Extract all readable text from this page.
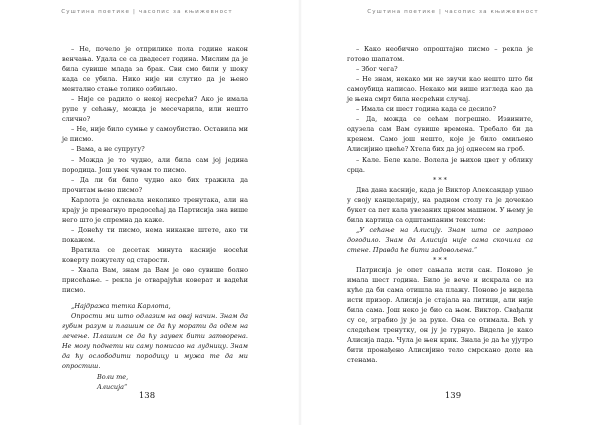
Суштина поетике | часопис за књижевност

– Не, почело је отприлике пола године након венчања. Удала се са двадесет година. Мислим да је била сувише млада за брак. Сви смо били у шоку када се убила. Нико није ни слутио да је њено ментално стање толико озбиљно.

– Није се радило о некој несрећи? Ако је имала рупе у сећању, можда је месечарила, или нешто слично?

– Не, није било сумње у самоубиство. Оставила ми је писмо.

– Вама, а не супругу?

– Можда је то чудно, али била сам јој једина породица. Још увек чувам то писмо.

– Да ли би било чудно ако бих тражила да прочитам њено писмо?

Карлота је оклевала неколико тренутака, али на крају је превагнуо предосећај да Партисија зна више него што је спремна да каже.

– Донећу ти писмо, нема никакве штете, ако ти покажем.

Вратила се десетак минута касније носећи коверту пожутелу од старости.

– Хвала Вам, знам да Вам је ово сувише болно присећање. – рекла је отварајући коверат и вадећи писмо.

„Најдража тетка Карлота,

Опрости ми што одлазим на овај начин. Знам да губим разум и плашим се да ћу морати да одем на лечење. Плашим се да ћу заувек бити затворена. Не могу поднети ни саму помисао на лудницу. Знам да ћу ослободити породицу и мужа те да ми опростиш.

Воли те,

Алисија“

138
Суштина поетике | часопис за књижевност

– Како необично опроштајно писмо – рекла је готово шапатом.

– Због чега?

– Не знам, некако ми не звучи као нешто што би самоубица написао. Некако ми више изгледа као да је њена смрт била несрећни случај.

– Имала си шест година када се десило?

– Да, можда се сећам погрешно. Извините, одузела сам Вам сувише времена. Требало би да кренем. Само још нешто, које је било омиљено Алисијино цвеће? Хтела бих да јој однесем на гроб.

– Кале. Беле кале. Волела је њихов цвет у облику срца.

* * *

Два дана касније, када је Виктор Александар ушао у своју канцеларију, на радном столу га је дочекао букет са пет кала увезаних црном машном. У њему је била картица са одштампаним текстом:

„У сећање на Алисију. Знам шта се заправо догодило. Знам да Алисија није сама скочила са стене. Правда ће бити задовољена.“

* * *

Патрисија је опет сањала исти сан. Поново је имала шест година. Било је вече и искрала се из куће да би сама отишла на плажу. Поново је видела исти призор. Алисија је стајала на литици, али није била сама. Још неко је био са њом. Виктор. Свађали су се, зграбио ју је за руке. Она се отимала. Већ у следећем тренутку, он ју је гурнуо. Видела је како Алисија пада. Чула је њен крик. Знала је да ће ујутро бити пронађено Алисијино тело смрскано доле на стенама.

139
